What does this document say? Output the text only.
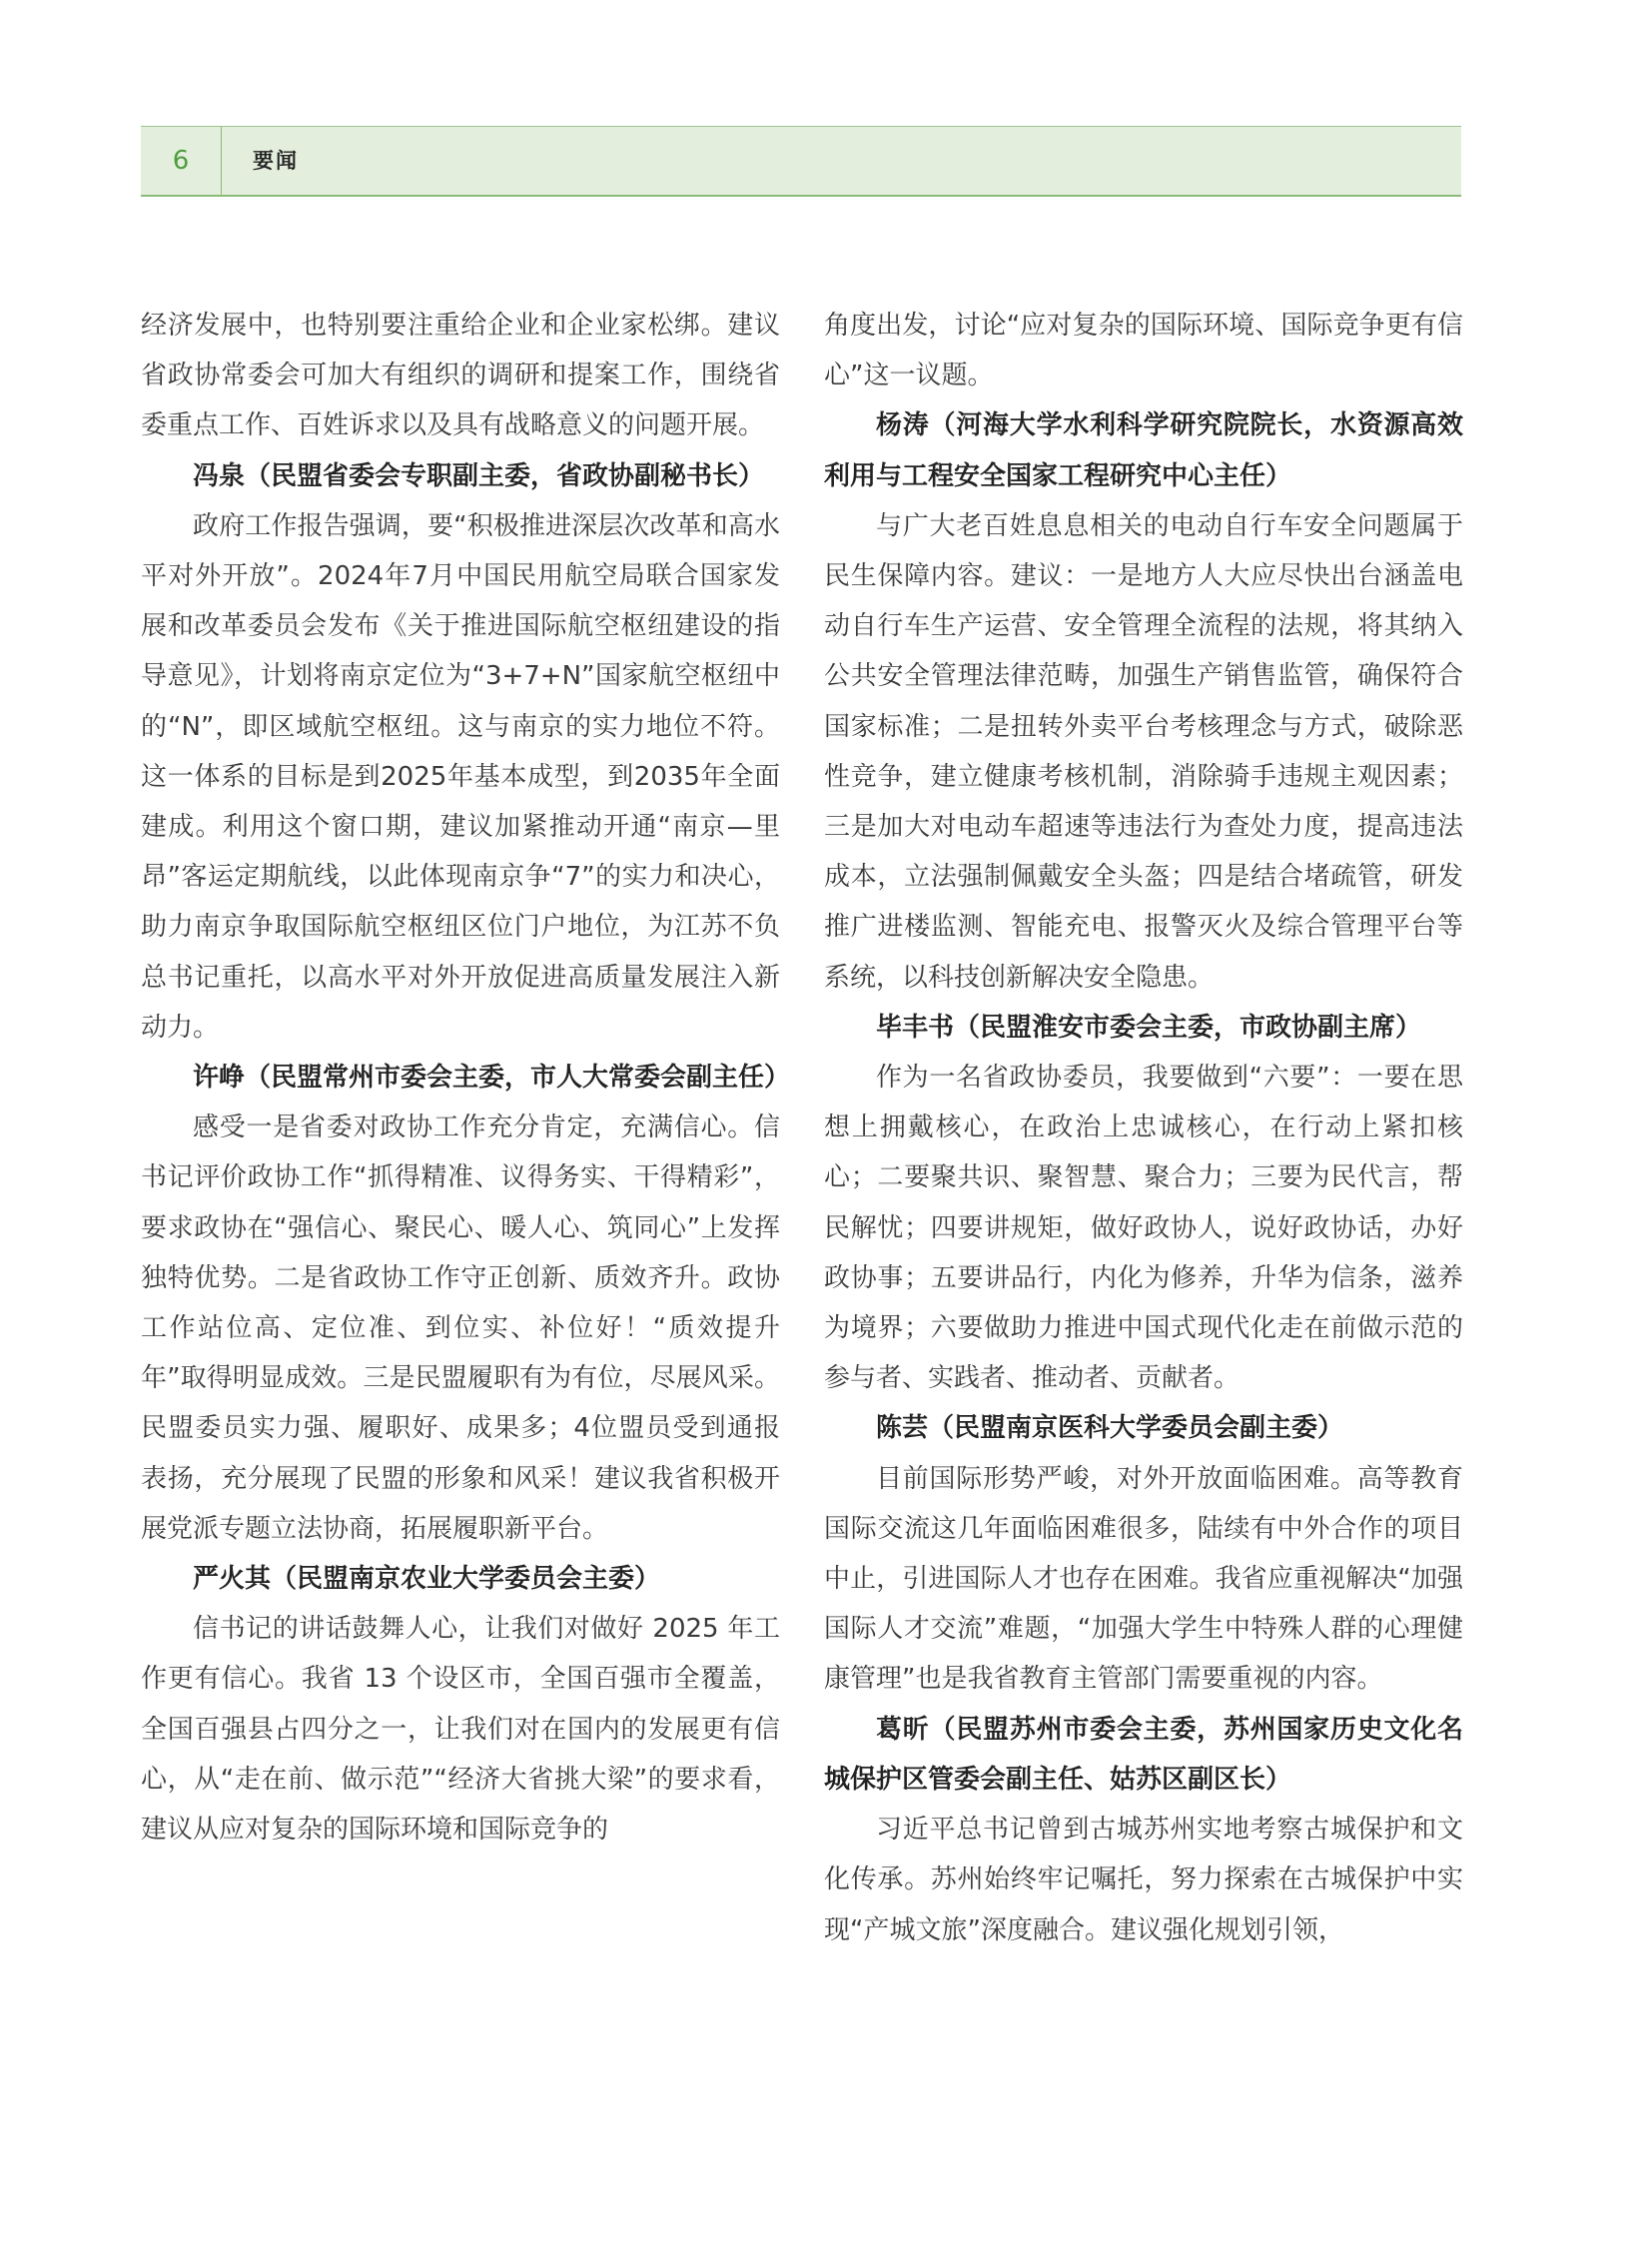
6	要闻

经济发展中，也特别要注重给企业和企业家松绑。建议省政协常委会可加大有组织的调研和提案工作，围绕省委重点工作、百姓诉求以及具有战略意义的问题开展。

冯泉（民盟省委会专职副主委，省政协副秘书长）

政府工作报告强调，要“积极推进深层次改革和高水平对外开放”。2024年7月中国民用航空局联合国家发展和改革委员会发布《关于推进国际航空枢纽建设的指导意见》，计划将南京定位为“3+7+N”国家航空枢纽中的“N”，即区域航空枢纽。这与南京的实力地位不符。这一体系的目标是到2025年基本成型，到2035年全面建成。利用这个窗口期，建议加紧推动开通“南京—里昂”客运定期航线，以此体现南京争“7”的实力和决心，助力南京争取国际航空枢纽区位门户地位，为江苏不负总书记重托，以高水平对外开放促进高质量发展注入新动力。

许峥（民盟常州市委会主委，市人大常委会副主任）

感受一是省委对政协工作充分肯定，充满信心。信书记评价政协工作“抓得精准、议得务实、干得精彩”，要求政协在“强信心、聚民心、暖人心、筑同心”上发挥独特优势。二是省政协工作守正创新、质效齐升。政协工作站位高、定位准、到位实、补位好！“质效提升年”取得明显成效。三是民盟履职有为有位，尽展风采。民盟委员实力强、履职好、成果多；4位盟员受到通报表扬，充分展现了民盟的形象和风采！建议我省积极开展党派专题立法协商，拓展履职新平台。

严火其（民盟南京农业大学委员会主委）

信书记的讲话鼓舞人心，让我们对做好 2025 年工作更有信心。我省 13 个设区市，全国百强市全覆盖，全国百强县占四分之一，让我们对在国内的发展更有信心，从“走在前、做示范”“经济大省挑大梁”的要求看，建议从应对复杂的国际环境和国际竞争的

角度出发，讨论“应对复杂的国际环境、国际竞争更有信心”这一议题。

杨涛（河海大学水利科学研究院院长，水资源高效利用与工程安全国家工程研究中心主任）

与广大老百姓息息相关的电动自行车安全问题属于民生保障内容。建议：一是地方人大应尽快出台涵盖电动自行车生产运营、安全管理全流程的法规，将其纳入公共安全管理法律范畴，加强生产销售监管，确保符合国家标准；二是扭转外卖平台考核理念与方式，破除恶性竞争，建立健康考核机制，消除骑手违规主观因素；三是加大对电动车超速等违法行为查处力度，提高违法成本，立法强制佩戴安全头盔；四是结合堵疏管，研发推广进楼监测、智能充电、报警灭火及综合管理平台等系统，以科技创新解决安全隐患。

毕丰书（民盟淮安市委会主委，市政协副主席）

作为一名省政协委员，我要做到“六要”：一要在思想上拥戴核心，在政治上忠诚核心，在行动上紧扣核心；二要聚共识、聚智慧、聚合力；三要为民代言，帮民解忧；四要讲规矩，做好政协人，说好政协话，办好政协事；五要讲品行，内化为修养，升华为信条，滋养为境界；六要做助力推进中国式现代化走在前做示范的参与者、实践者、推动者、贡献者。

陈芸（民盟南京医科大学委员会副主委）

目前国际形势严峻，对外开放面临困难。高等教育国际交流这几年面临困难很多，陆续有中外合作的项目中止，引进国际人才也存在困难。我省应重视解决“加强国际人才交流”难题，“加强大学生中特殊人群的心理健康管理”也是我省教育主管部门需要重视的内容。

葛昕（民盟苏州市委会主委，苏州国家历史文化名城保护区管委会副主任、姑苏区副区长）

习近平总书记曾到古城苏州实地考察古城保护和文化传承。苏州始终牢记嘱托，努力探索在古城保护中实现“产城文旅”深度融合。建议强化规划引领，
